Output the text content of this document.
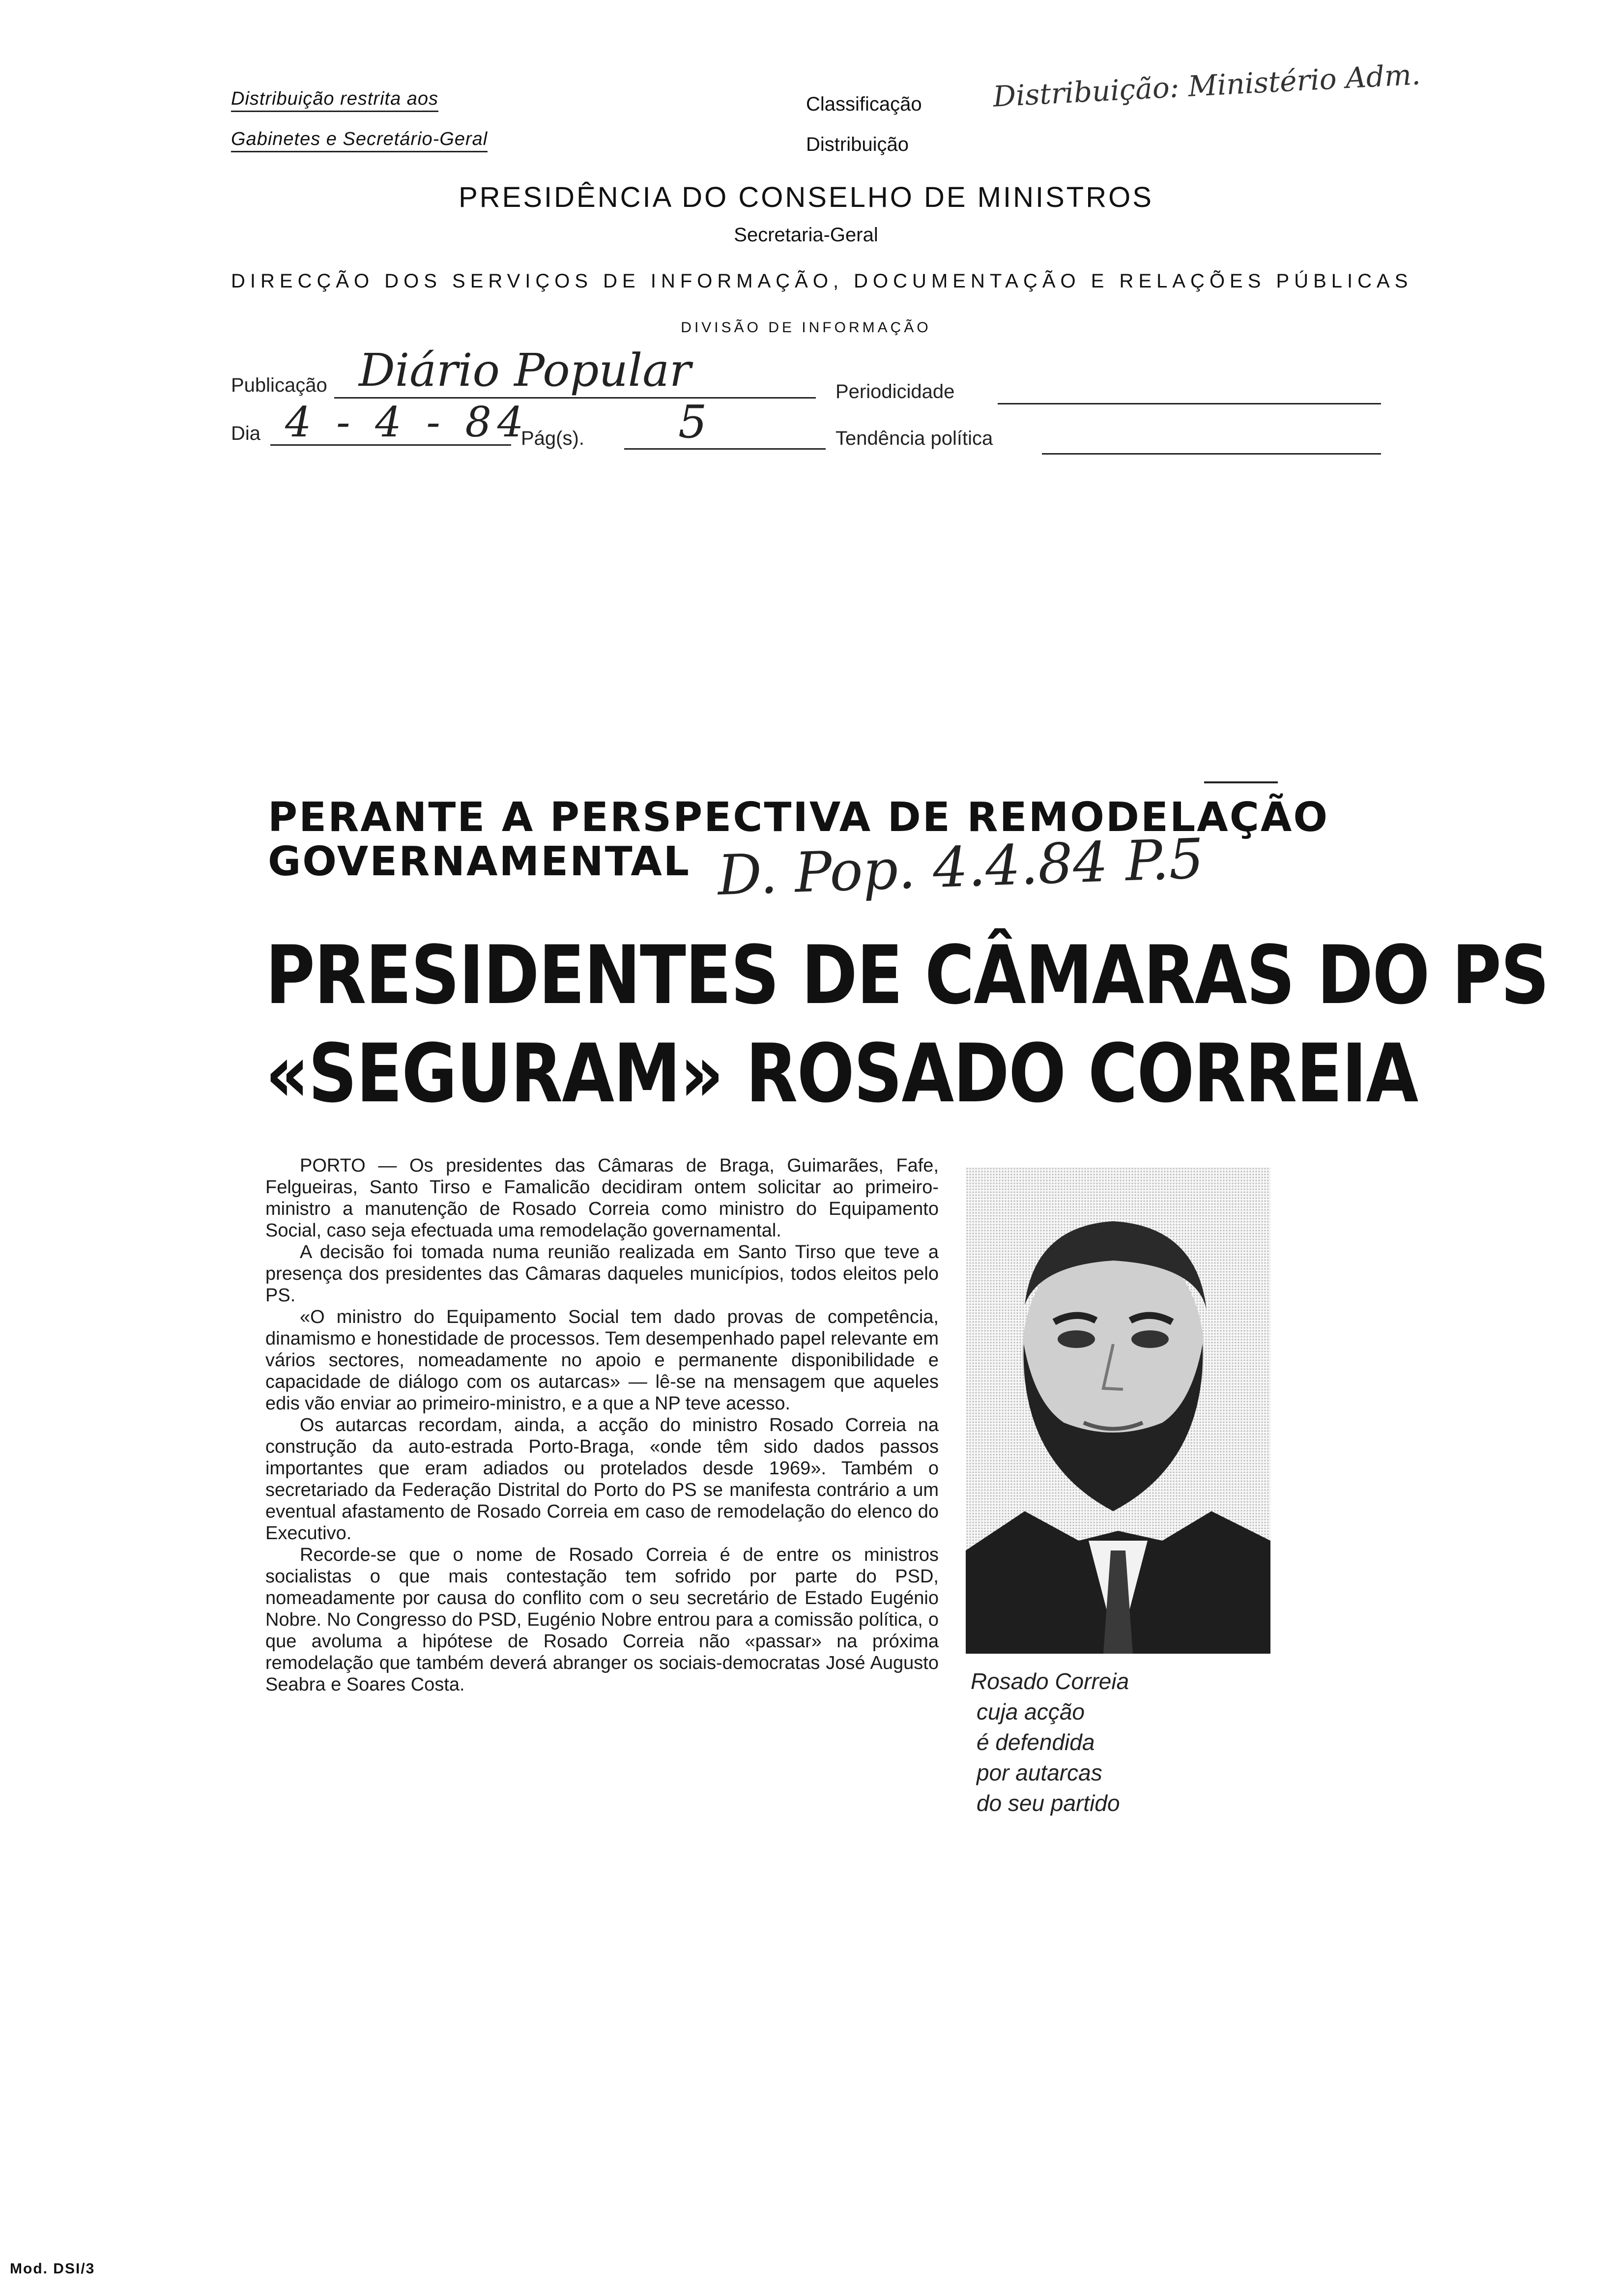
Distribuição restrita aos
Gabinetes e Secretário-Geral
Classificação
Distribuição
Distribuição: Ministério Adm.
PRESIDÊNCIA DO CONSELHO DE MINISTROS
Secretaria-Geral
DIRECÇÃO DOS SERVIÇOS DE INFORMAÇÃO, DOCUMENTAÇÃO E RELAÇÕES PÚBLICAS
DIVISÃO DE INFORMAÇÃO
Publicação Diário Popular	Periodicidade
Dia 4 - 4 - 84
Pág(s). 5	Tendência política
PERANTE A PERSPECTIVA DE REMODELAÇÃO
GOVERNAMENTAL D. Pop. 4.4.84 P.5
PRESIDENTES DE CÂMARAS DO PS
«SEGURAM» ROSADO CORREIA

PORTO — Os presidentes das Câmaras de Braga, Guimarães, Fafe, Felgueiras, Santo Tirso e Famalicão decidiram ontem solicitar ao primeiro-ministro a manutenção de Rosado Correia como ministro do Equipamento Social, caso seja efectuada uma remodelação governamental.

A decisão foi tomada numa reunião realizada em Santo Tirso que teve a presença dos presidentes das Câmaras daqueles municípios, todos eleitos pelo PS.

«O ministro do Equipamento Social tem dado provas de competência, dinamismo e honestidade de processos. Tem desempenhado papel relevante em vários sectores, nomeadamente no apoio e permanente disponibilidade e capacidade de diálogo com os autarcas» — lê-se na mensagem que aqueles edis vão enviar ao primeiro-ministro, e a que a NP teve acesso.

Os autarcas recordam, ainda, a acção do ministro Rosado Correia na construção da auto-estrada Porto-Braga, «onde têm sido dados passos importantes que eram adiados ou protelados desde 1969». Também o secretariado da Federação Distrital do Porto do PS se manifesta contrário a um eventual afastamento de Rosado Correia em caso de remodelação do elenco do Executivo.

Recorde-se que o nome de Rosado Correia é de entre os ministros socialistas o que mais contestação tem sofrido por parte do PSD, nomeadamente por causa do conflito com o seu secretário de Estado Eugénio Nobre. No Congresso do PSD, Eugénio Nobre entrou para a comissão política, o que avoluma a hipótese de Rosado Correia não «passar» na próxima remodelação que também deverá abranger os sociais-democratas José Augusto Seabra e Soares Costa.	Rosado Correia
cuja acção
é defendida
por autarcas
do seu partido
Mod. DSI/3
